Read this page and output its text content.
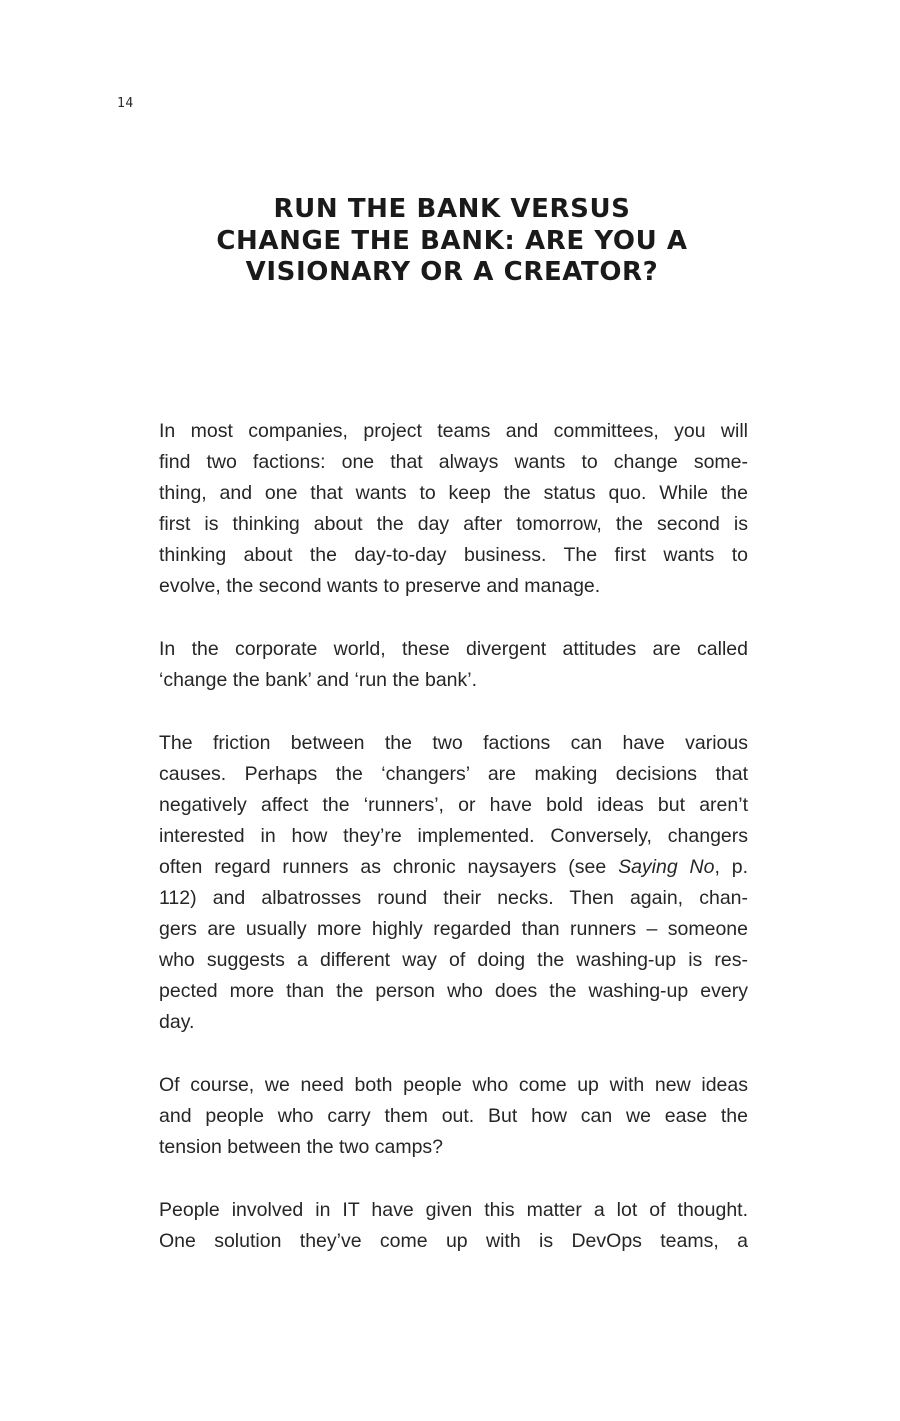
14
RUN THE BANK VERSUS
CHANGE THE BANK: ARE YOU A
VISIONARY OR A CREATOR?

In most companies, project teams and committees, you will
find two factions: one that always wants to change some-
thing, and one that wants to keep the status quo. While the
first is thinking about the day after tomorrow, the second is
thinking about the day-to-day business. The first wants to
evolve, the second wants to preserve and manage.

In the corporate world, these divergent attitudes are called
‘change the bank’ and ‘run the bank’.

The friction between the two factions can have various
causes. Perhaps the ‘changers’ are making decisions that
negatively affect the ‘runners’, or have bold ideas but aren’t
interested in how they’re implemented. Conversely, changers
often regard runners as chronic naysayers (see Saying No, p.
112) and albatrosses round their necks. Then again, chan-
gers are usually more highly regarded than runners – someone
who suggests a different way of doing the washing-up is res-
pected more than the person who does the washing-up every
day.

Of course, we need both people who come up with new ideas
and people who carry them out. But how can we ease the
tension between the two camps?

People involved in IT have given this matter a lot of thought.
One solution they’ve come up with is DevOps teams, a
